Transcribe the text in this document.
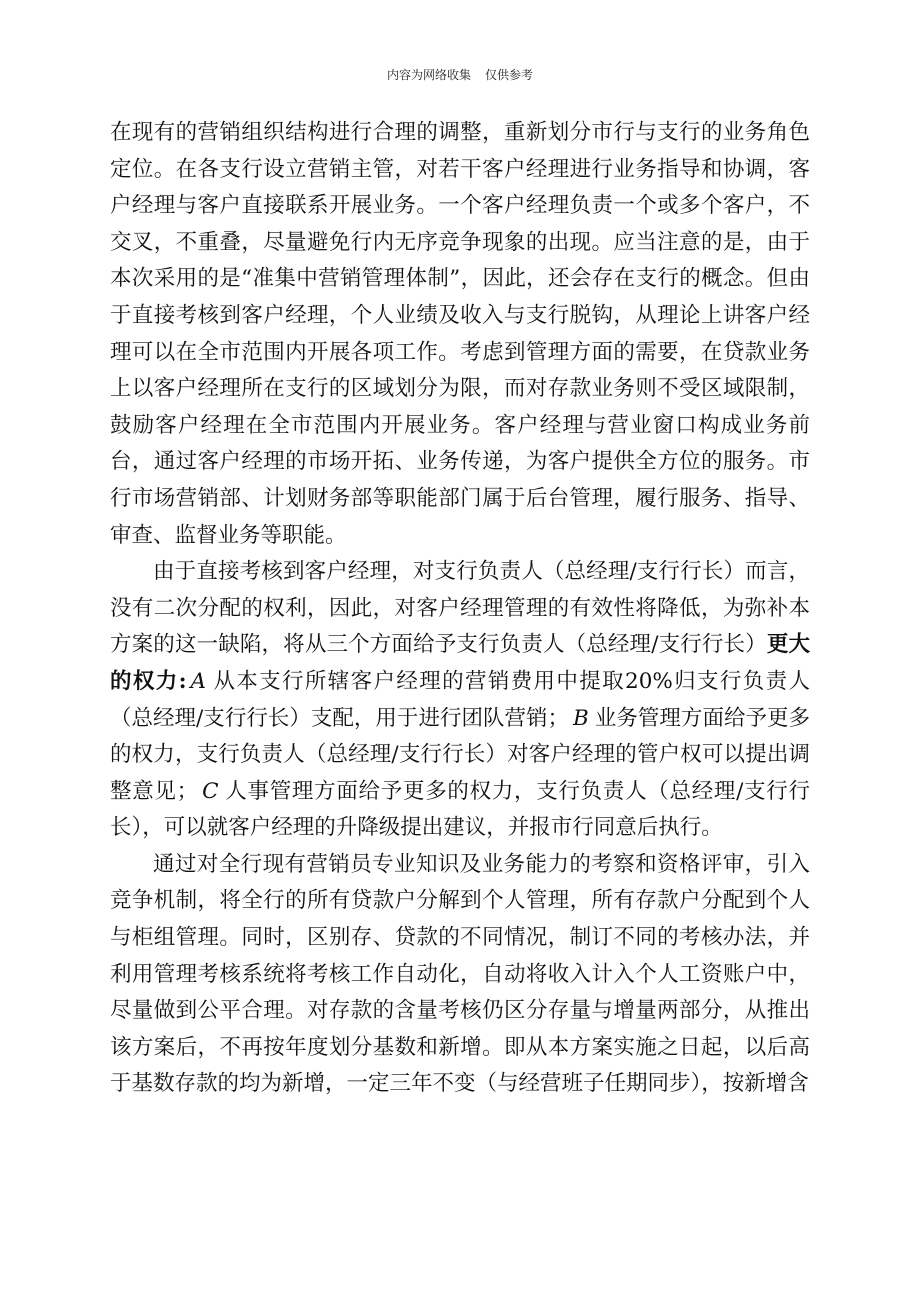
内容为网络收集 仅供参考

在现有的营销组织结构进行合理的调整，重新划分市行与支行的业务角色定位。在各支行设立营销主管，对若干客户经理进行业务指导和协调，客户经理与客户直接联系开展业务。一个客户经理负责一个或多个客户，不交叉，不重叠，尽量避免行内无序竞争现象的出现。应当注意的是，由于本次采用的是“准集中营销管理体制”，因此，还会存在支行的概念。但由于直接考核到客户经理，个人业绩及收入与支行脱钩，从理论上讲客户经理可以在全市范围内开展各项工作。考虑到管理方面的需要，在贷款业务上以客户经理所在支行的区域划分为限，而对存款业务则不受区域限制，鼓励客户经理在全市范围内开展业务。客户经理与营业窗口构成业务前台，通过客户经理的市场开拓、业务传递，为客户提供全方位的服务。市行市场营销部、计划财务部等职能部门属于后台管理，履行服务、指导、审查、监督业务等职能。

由于直接考核到客户经理，对支行负责人（总经理/支行行长）而言，没有二次分配的权利，因此，对客户经理管理的有效性将降低，为弥补本方案的这一缺陷，将从三个方面给予支行负责人（总经理/支行行长）更大的权力: A 从本支行所辖客户经理的营销费用中提取20%归支行负责人（总经理/支行行长）支配，用于进行团队营销； B 业务管理方面给予更多的权力，支行负责人（总经理/支行行长）对客户经理的管户权可以提出调整意见； C 人事管理方面给予更多的权力，支行负责人（总经理/支行行长），可以就客户经理的升降级提出建议，并报市行同意后执行。

通过对全行现有营销员专业知识及业务能力的考察和资格评审，引入竞争机制，将全行的所有贷款户分解到个人管理，所有存款户分配到个人与柜组管理。同时，区别存、贷款的不同情况，制订不同的考核办法，并利用管理考核系统将考核工作自动化，自动将收入计入个人工资账户中，尽量做到公平合理。对存款的含量考核仍区分存量与增量两部分，从推出该方案后，不再按年度划分基数和新增。即从本方案实施之日起，以后高于基数存款的均为新增，一定三年不变（与经营班子任期同步），按新增含
